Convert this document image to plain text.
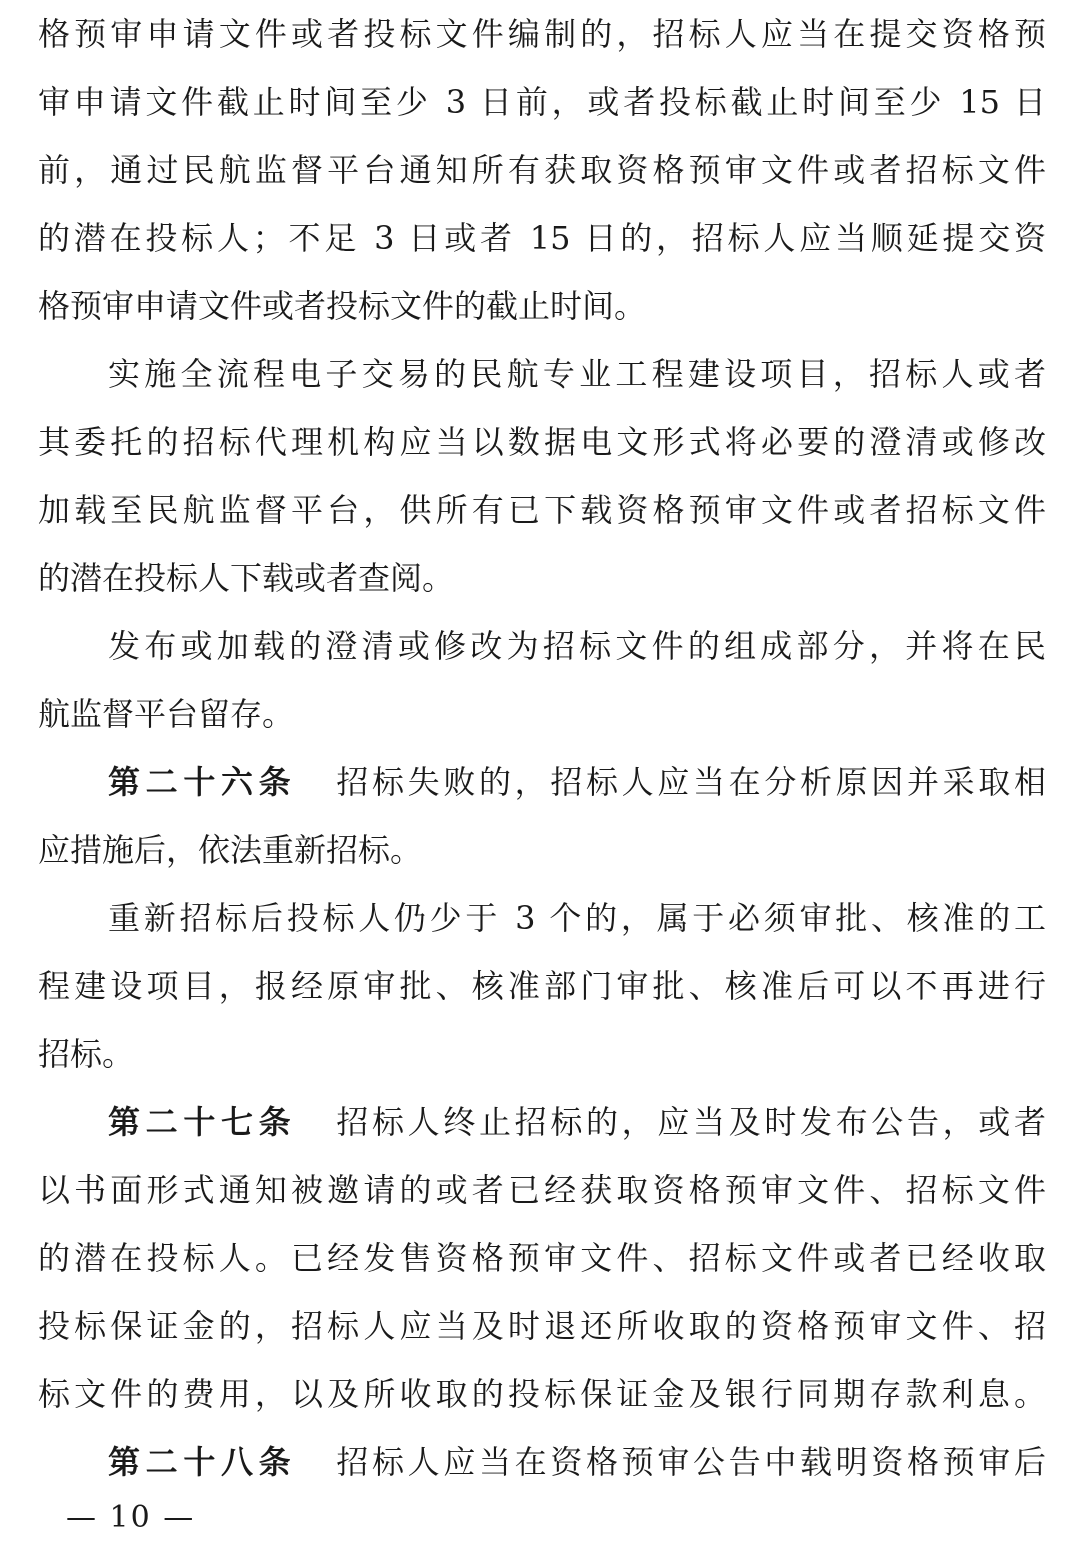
格预审申请文件或者投标文件编制的，招标人应当在提交资格预
审申请文件截止时间至少 3 日前，或者投标截止时间至少 15 日
前，通过民航监督平台通知所有获取资格预审文件或者招标文件
的潜在投标人；不足 3 日或者 15 日的，招标人应当顺延提交资
格预审申请文件或者投标文件的截止时间。
实施全流程电子交易的民航专业工程建设项目，招标人或者
其委托的招标代理机构应当以数据电文形式将必要的澄清或修改
加载至民航监督平台，供所有已下载资格预审文件或者招标文件
的潜在投标人下载或者查阅。
发布或加载的澄清或修改为招标文件的组成部分，并将在民
航监督平台留存。
第二十六条 招标失败的，招标人应当在分析原因并采取相
应措施后，依法重新招标。
重新招标后投标人仍少于 3 个的，属于必须审批、核准的工
程建设项目，报经原审批、核准部门审批、核准后可以不再进行
招标。
第二十七条 招标人终止招标的，应当及时发布公告，或者
以书面形式通知被邀请的或者已经获取资格预审文件、招标文件
的潜在投标人。已经发售资格预审文件、招标文件或者已经收取
投标保证金的，招标人应当及时退还所收取的资格预审文件、招
标文件的费用，以及所收取的投标保证金及银行同期存款利息。
第二十八条 招标人应当在资格预审公告中载明资格预审后
— 10 —
